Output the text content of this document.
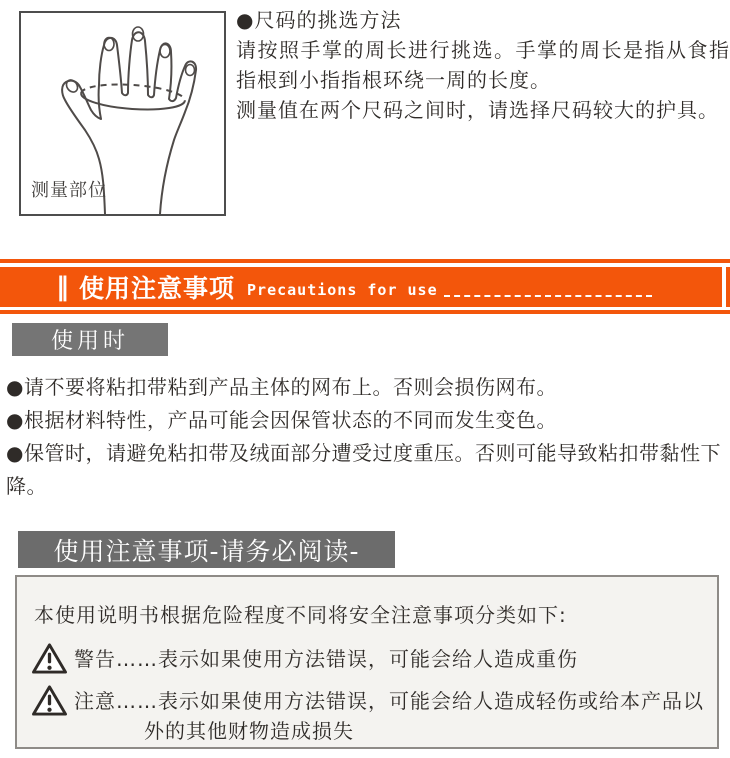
测量部位

●尺码的挑选方法

请按照手掌的周长进行挑选。手掌的周长是指从食指指根到小指指根环绕一周的长度。

测量值在两个尺码之间时，请选择尺码较大的护具。

‖ 使用注意事项 Precautions for use
使用时
●请不要将粘扣带粘到产品主体的网布上。否则会损伤网布。
●根据材料特性，产品可能会因保管状态的不同而发生变色。
●保管时，请避免粘扣带及绒面部分遭受过度重压。否则可能导致粘扣带黏性下降。
使用注意事项-请务必阅读-
本使用说明书根据危险程度不同将安全注意事项分类如下:
警告……表示如果使用方法错误，可能会给人造成重伤
注意……表示如果使用方法错误，可能会给人造成轻伤或给本产品以外的其他财物造成损失
